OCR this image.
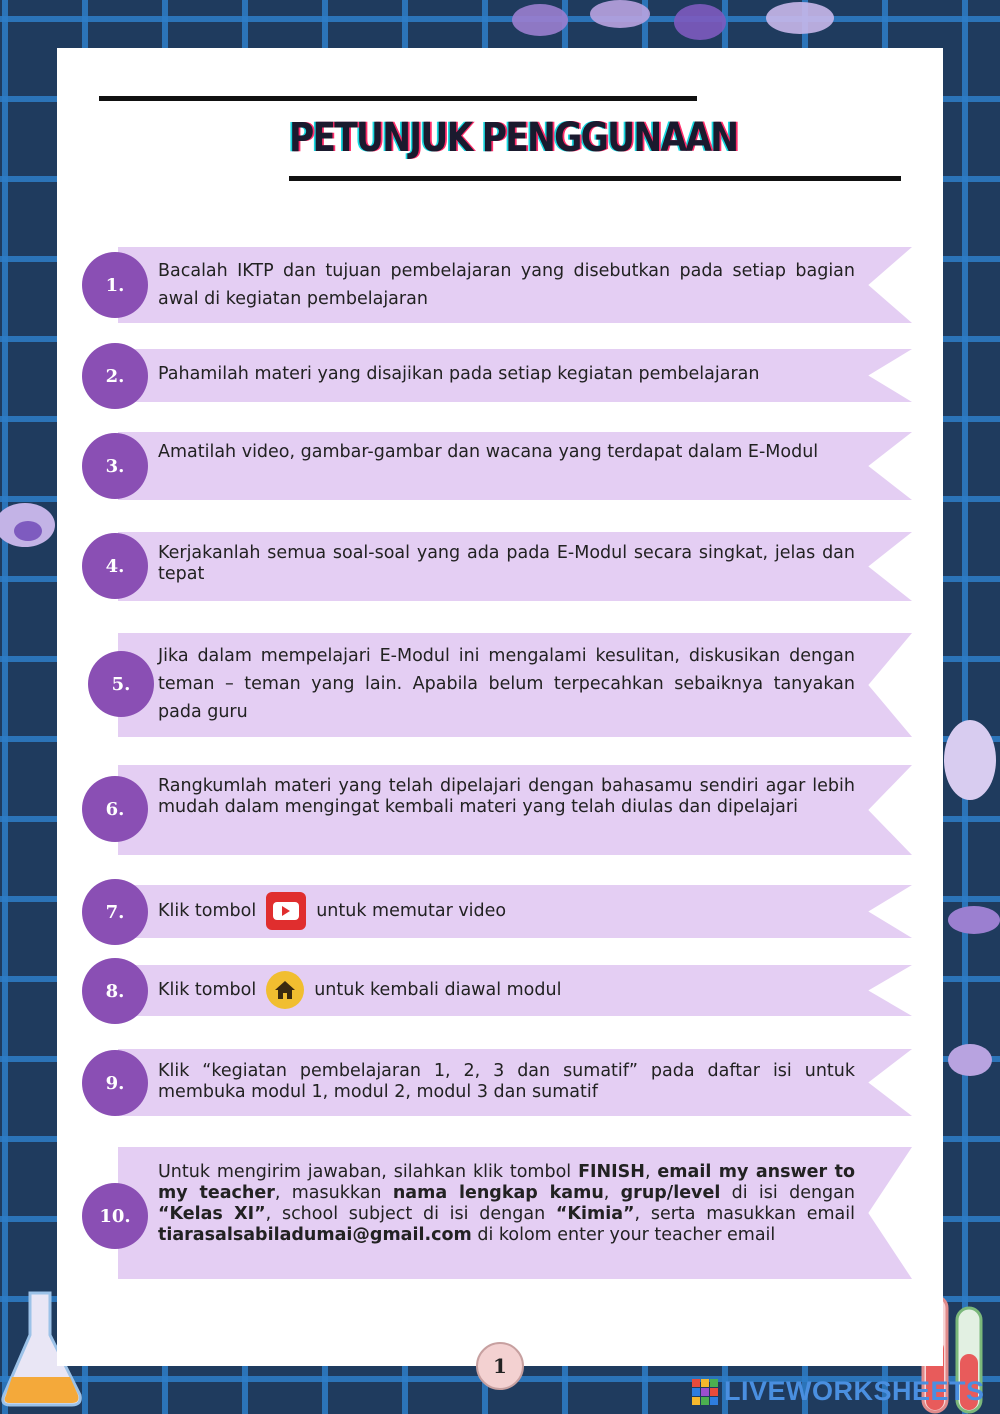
PETUNJUK PENGGUNAAN
1.
Bacalah IKTP dan tujuan pembelajaran yang disebutkan pada setiap bagian awal di kegiatan pembelajaran
2.	Pahamilah materi yang disajikan pada setiap kegiatan pembelajaran
3.
Amatilah video, gambar-gambar dan wacana yang terdapat dalam E-Modul
4.
Kerjakanlah semua soal-soal yang ada pada E-Modul secara singkat, jelas dan tepat
5.
Jika dalam mempelajari E-Modul ini mengalami kesulitan, diskusikan dengan teman – teman yang lain. Apabila belum terpecahkan sebaiknya tanyakan pada guru
6.
Rangkumlah materi yang telah dipelajari dengan bahasamu sendiri agar lebih mudah dalam mengingat kembali materi yang telah diulas dan dipelajari
7.	Klik tombol	untuk memutar video
8.	Klik tombol	untuk kembali diawal modul
9.
Klik “kegiatan pembelajaran 1, 2, 3 dan sumatif” pada daftar isi untuk membuka modul 1, modul 2, modul 3 dan sumatif
10.
Untuk mengirim jawaban, silahkan klik tombol FINISH, email my answer to my teacher, masukkan nama lengkap kamu, grup/level di isi dengan “Kelas XI”, school subject di isi dengan “Kimia”, serta masukkan email tiarasalsabiladumai@gmail.com di kolom enter your teacher email
1
LIVEWORKSHEETS
